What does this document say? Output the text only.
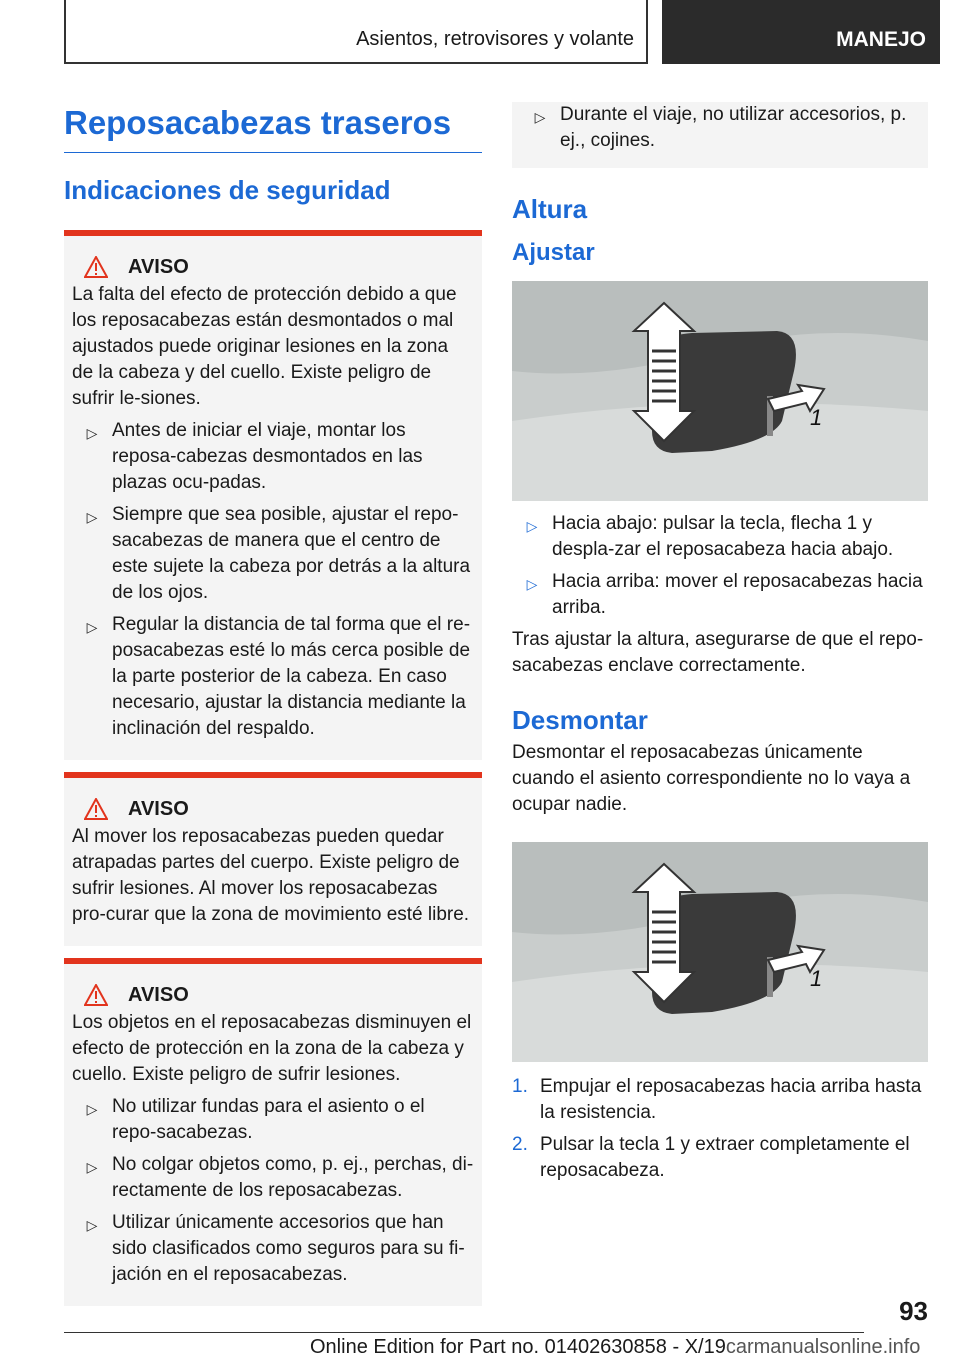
Asientos, retrovisores y volante	MANEJO
Reposacabezas traseros
Indicaciones de seguridad
AVISO

La falta del efecto de protección debido a que los reposacabezas están desmontados o mal ajustados puede originar lesiones en la zona de la cabeza y del cuello. Existe peligro de sufrir le-siones.

▷ Antes de iniciar el viaje, montar los reposa-cabezas desmontados en las plazas ocu-padas.
▷ Siempre que sea posible, ajustar el repo-sacabezas de manera que el centro de este sujete la cabeza por detrás a la altura de los ojos.
▷ Regular la distancia de tal forma que el re-posacabezas esté lo más cerca posible de la parte posterior de la cabeza. En caso necesario, ajustar la distancia mediante la inclinación del respaldo.
AVISO

Al mover los reposacabezas pueden quedar atrapadas partes del cuerpo. Existe peligro de sufrir lesiones. Al mover los reposacabezas pro-curar que la zona de movimiento esté libre.

AVISO

Los objetos en el reposacabezas disminuyen el efecto de protección en la zona de la cabeza y cuello. Existe peligro de sufrir lesiones.

▷ No utilizar fundas para el asiento o el repo-sacabezas.
▷ No colgar objetos como, p. ej., perchas, di-rectamente de los reposacabezas.
▷ Utilizar únicamente accesorios que han sido clasificados como seguros para su fi-jación en el reposacabezas.
▷ Durante el viaje, no utilizar accesorios, p. ej., cojines.
Altura
Ajustar
1
▷ Hacia abajo: pulsar la tecla, flecha 1 y despla-zar el reposacabeza hacia abajo.
▷ Hacia arriba: mover el reposacabezas hacia arriba.

Tras ajustar la altura, asegurarse de que el repo-sacabezas enclave correctamente.

Desmontar

Desmontar el reposacabezas únicamente cuando el asiento correspondiente no lo vaya a ocupar nadie.

1
1. Empujar el reposacabezas hacia arriba hasta la resistencia.
2. Pulsar la tecla 1 y extraer completamente el reposacabeza.
93
Online Edition for Part no. 01402630858 - X/19carmanualsonline.info
